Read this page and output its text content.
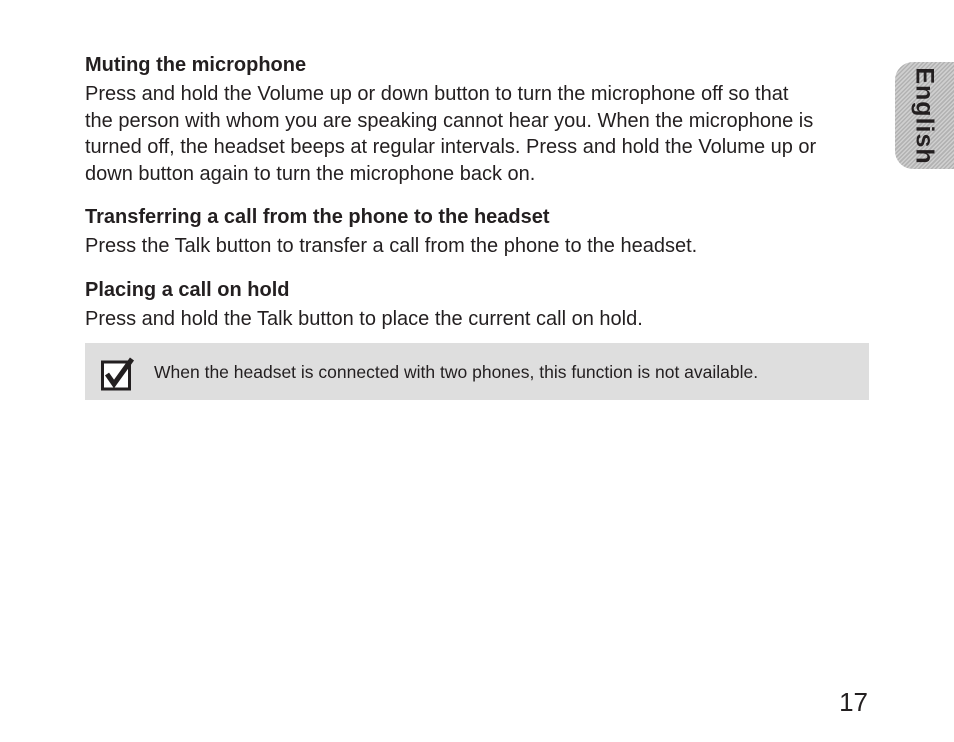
Muting the microphone
Press and hold the Volume up or down button to turn the microphone off so that
the person with whom you are speaking cannot hear you. When the microphone is
turned off, the headset beeps at regular intervals. Press and hold the Volume up or
down button again to turn the microphone back on.
Transferring a call from the phone to the headset
Press the Talk button to transfer a call from the phone to the headset.
Placing a call on hold
Press and hold the Talk button to place the current call on hold.
When the headset is connected with two phones, this function is not available.
English
17
